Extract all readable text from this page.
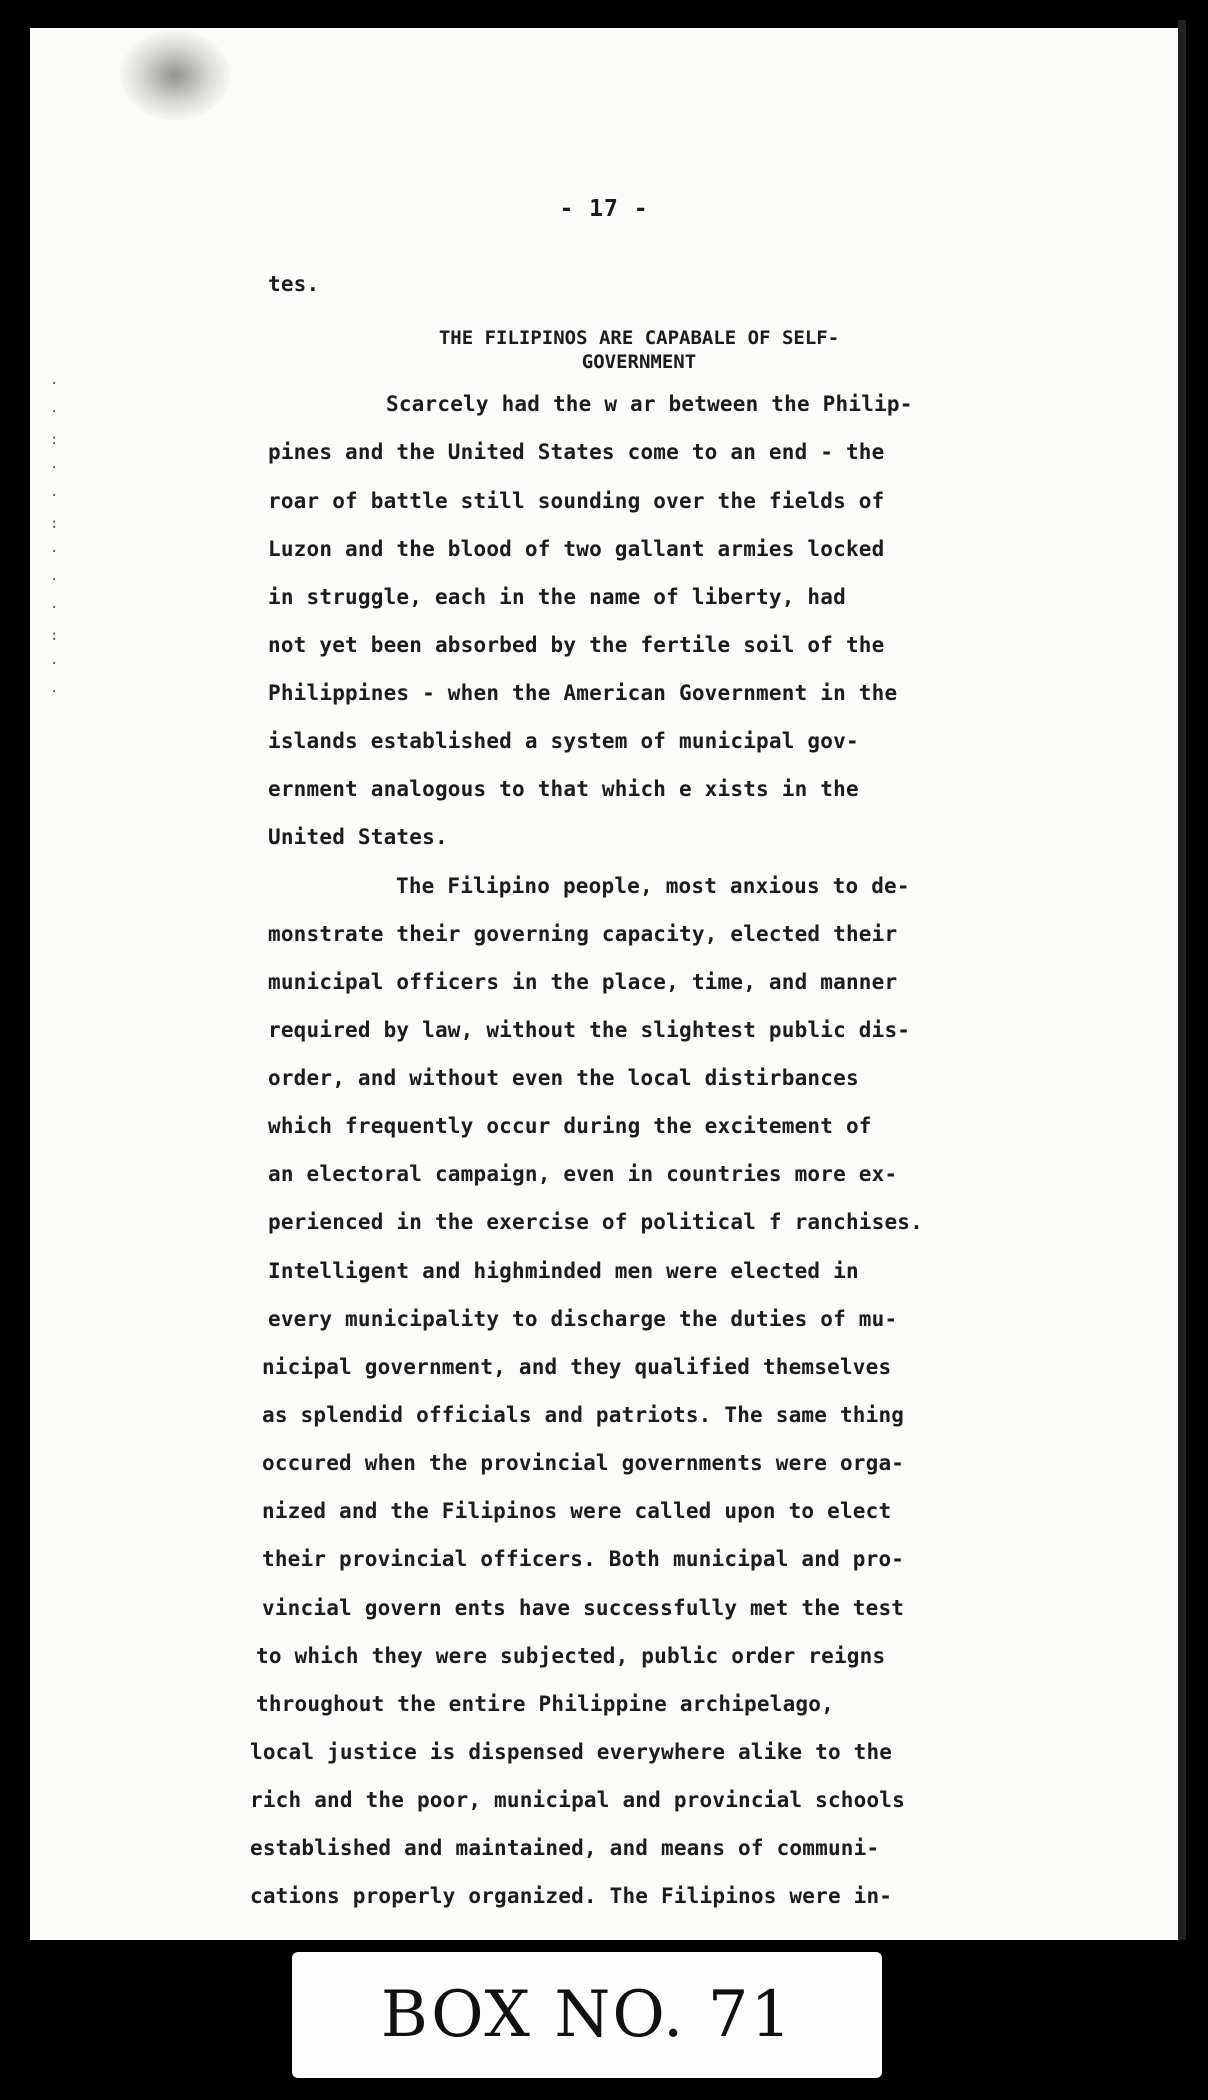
·
·
:
·
·
:
·
·
·
:
·
·
- 17 -
tes.
THE FILIPINOS ARE CAPABALE OF SELF-
GOVERNMENT
Scarcely had the w ar between the Philip-
pines and the United States come to an end - the
roar of battle still sounding over the fields of
Luzon and the blood of two gallant armies locked
in struggle, each in the name of liberty, had
not yet been absorbed by the fertile soil of the
Philippines - when the American Government in the
islands established a system of municipal gov-
ernment analogous to that which e xists in the
United States.
The Filipino people, most anxious to de-
monstrate their governing capacity, elected their
municipal officers in the place, time, and manner
required by law, without the slightest public dis-
order, and without even the local distirbances
which frequently occur during the excitement of
an electoral campaign, even in countries more ex-
perienced in the exercise of political f ranchises.
Intelligent and highminded men were elected in
every municipality to discharge the duties of mu-
nicipal government, and they qualified themselves
as splendid officials and patriots. The same thing
occured when the provincial governments were orga-
nized and the Filipinos were called upon to elect
their provincial officers. Both municipal and pro-
vincial govern ents have successfully met the test
to which they were subjected, public order reigns
throughout the entire Philippine archipelago,
local justice is dispensed everywhere alike to the
rich and the poor, municipal and provincial schools
established and maintained, and means of communi-
cations properly organized. The Filipinos were in-
BOX NO. 71
